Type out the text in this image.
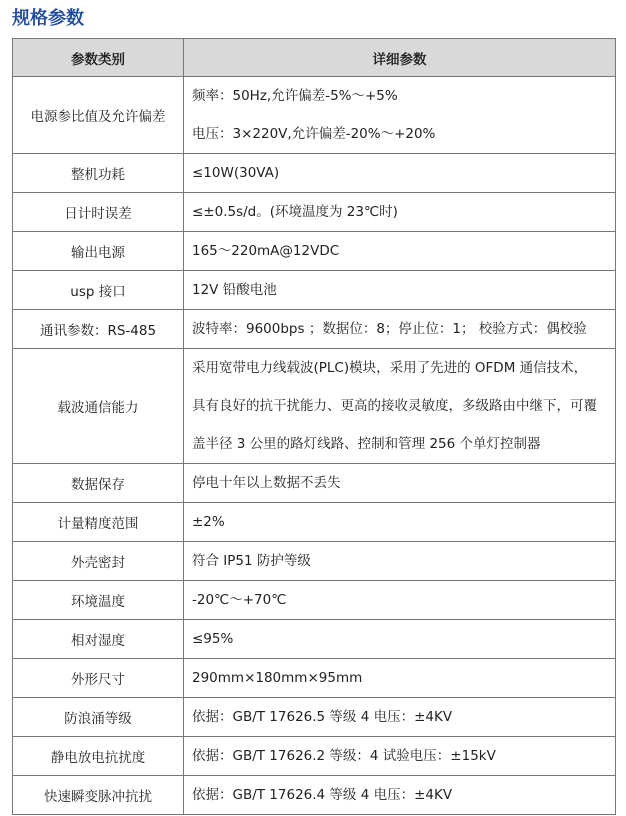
规格参数
参数类别	详细参数
电源参比值及允许偏差	频率：50Hz,允许偏差-5%～+5%
电压：3×220V,允许偏差-20%～+20%

整机功耗	≤10W(30VA)

日计时误差	≤±0.5s/d。(环境温度为 23℃时)

输出电源	165～220mA@12VDC

usp 接口	12V 铅酸电池

通讯参数：RS-485	波特率：9600bps ；数据位：8；停止位：1； 校验方式：偶校验

载波通信能力	采用宽带电力线载波(PLC)模块，采用了先进的 OFDM 通信技术，
具有良好的抗干扰能力、更高的接收灵敏度，多级路由中继下，可覆
盖半径 3 公里的路灯线路、控制和管理 256 个单灯控制器

数据保存	停电十年以上数据不丢失

计量精度范围	±2%

外壳密封	符合 IP51 防护等级

环境温度	-20℃～+70℃

相对湿度	≤95%

外形尺寸	290mm×180mm×95mm

防浪涌等级	依据：GB/T 17626.5 等级 4 电压：±4KV

静电放电抗扰度	依据：GB/T 17626.2 等级：4 试验电压：±15kV

快速瞬变脉冲抗扰	依据：GB/T 17626.4 等级 4 电压：±4KV
